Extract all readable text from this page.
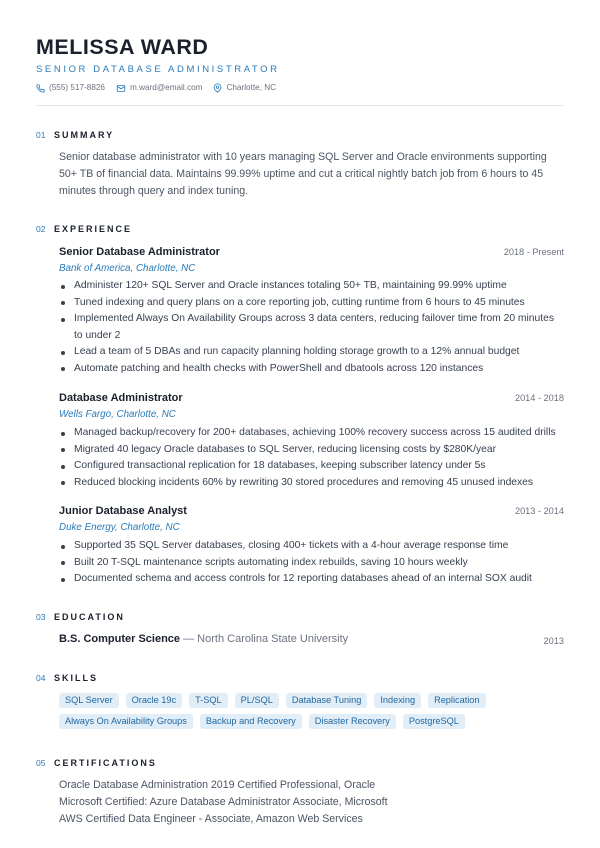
MELISSA WARD
SENIOR DATABASE ADMINISTRATOR
(555) 517-8826	m.ward@email.com	Charlotte, NC
01 SUMMARY
Senior database administrator with 10 years managing SQL Server and Oracle environments supporting 50+ TB of financial data. Maintains 99.99% uptime and cut a critical nightly batch job from 6 hours to 45 minutes through query and index tuning.
02 EXPERIENCE
Senior Database Administrator	2018 - Present
Bank of America, Charlotte, NC
Administer 120+ SQL Server and Oracle instances totaling 50+ TB, maintaining 99.99% uptime
Tuned indexing and query plans on a core reporting job, cutting runtime from 6 hours to 45 minutes
Implemented Always On Availability Groups across 3 data centers, reducing failover time from 20 minutes to under 2
Lead a team of 5 DBAs and run capacity planning holding storage growth to a 12% annual budget
Automate patching and health checks with PowerShell and dbatools across 120 instances
Database Administrator	2014 - 2018
Wells Fargo, Charlotte, NC
Managed backup/recovery for 200+ databases, achieving 100% recovery success across 15 audited drills
Migrated 40 legacy Oracle databases to SQL Server, reducing licensing costs by $280K/year
Configured transactional replication for 18 databases, keeping subscriber latency under 5s
Reduced blocking incidents 60% by rewriting 30 stored procedures and removing 45 unused indexes
Junior Database Analyst	2013 - 2014
Duke Energy, Charlotte, NC
Supported 35 SQL Server databases, closing 400+ tickets with a 4-hour average response time
Built 20 T-SQL maintenance scripts automating index rebuilds, saving 10 hours weekly
Documented schema and access controls for 12 reporting databases ahead of an internal SOX audit
03 EDUCATION
B.S. Computer Science — North Carolina State University	2013
04 SKILLS
SQL Server	Oracle 19c	T-SQL	PL/SQL	Database Tuning	Indexing	Replication
Always On Availability Groups	Backup and Recovery	Disaster Recovery	PostgreSQL
05 CERTIFICATIONS
Oracle Database Administration 2019 Certified Professional, Oracle
Microsoft Certified: Azure Database Administrator Associate, Microsoft
AWS Certified Data Engineer - Associate, Amazon Web Services
